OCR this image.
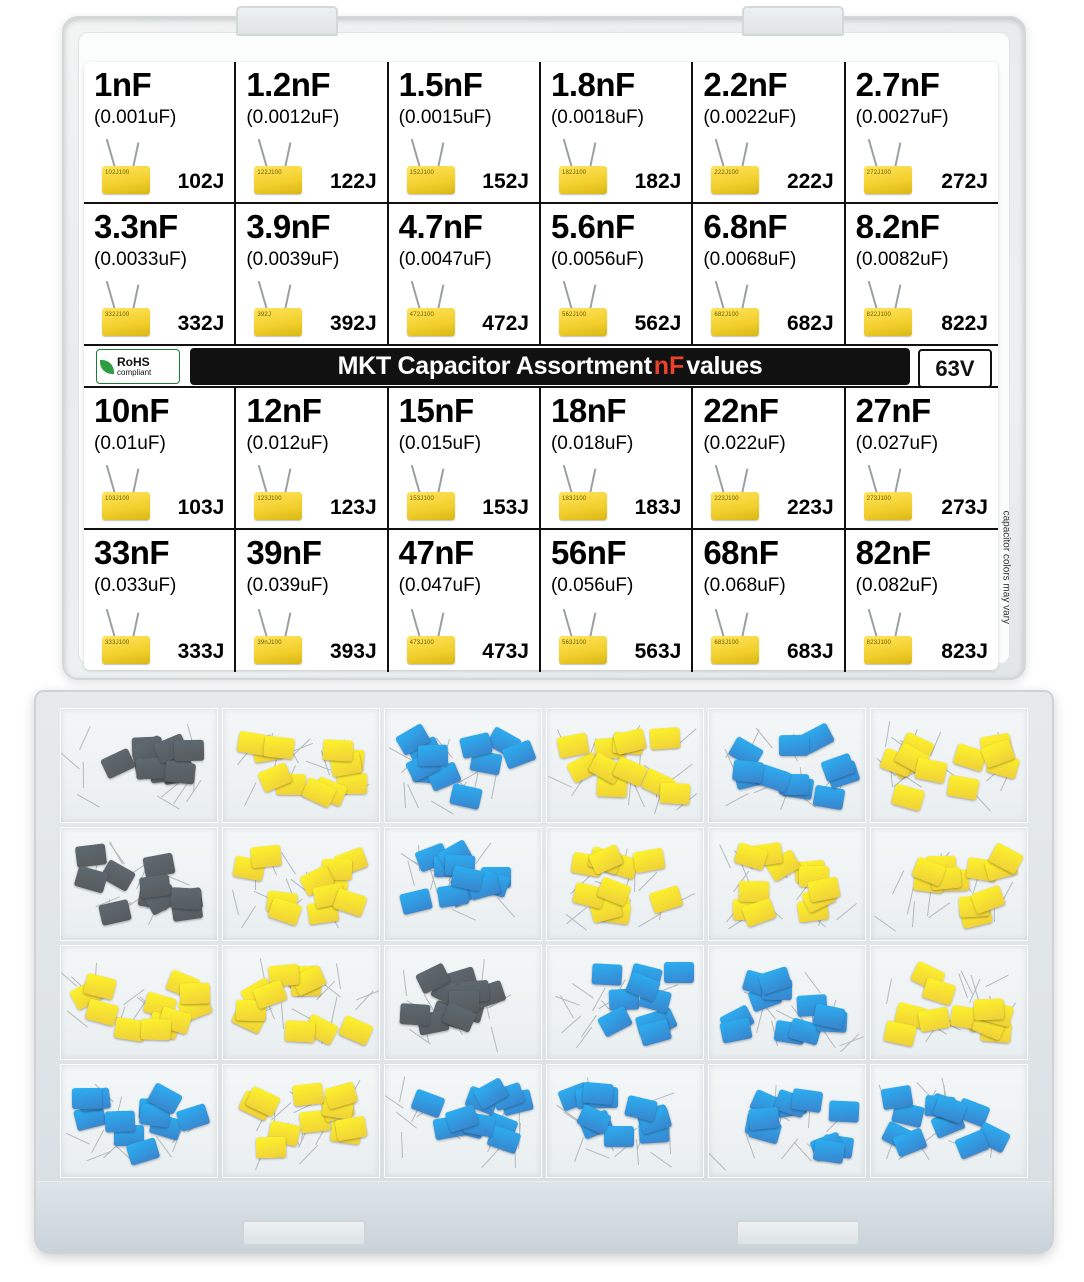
1nF
(0.001uF)
102J100 102J
1.2nF
(0.0012uF)
122J100 122J
1.5nF
(0.0015uF)
152J100 152J
1.8nF
(0.0018uF)
182J100 182J
2.2nF
(0.0022uF)
222J100 222J
2.7nF
(0.0027uF)
272J100 272J
3.3nF
(0.0033uF)
332J100 332J
3.9nF
(0.0039uF)
392J	392J
4.7nF
(0.0047uF)
472J100 472J
5.6nF
(0.0056uF)
562J100 562J
6.8nF
(0.0068uF)
682J100 682J
8.2nF
(0.0082uF)
822J100 822J
RoHS
compliant	MKT Capacitor Assortment nF values	63V
10nF
(0.01uF)
103J100 103J
12nF
(0.012uF)
123J100 123J
15nF
(0.015uF)
153J100 153J
18nF
(0.018uF)
183J100 183J
22nF
(0.022uF)
223J100 223J
27nF
(0.027uF)
273J100 273J
33nF
(0.033uF)
333J100 333J
39nF
(0.039uF)
39nJ100 393J
47nF
(0.047uF)
473J100 473J
56nF
(0.056uF)
563J100 563J
68nF
(0.068uF)
683J100 683J
82nF
(0.082uF)
823J100 823J
capacitor colors may vary
